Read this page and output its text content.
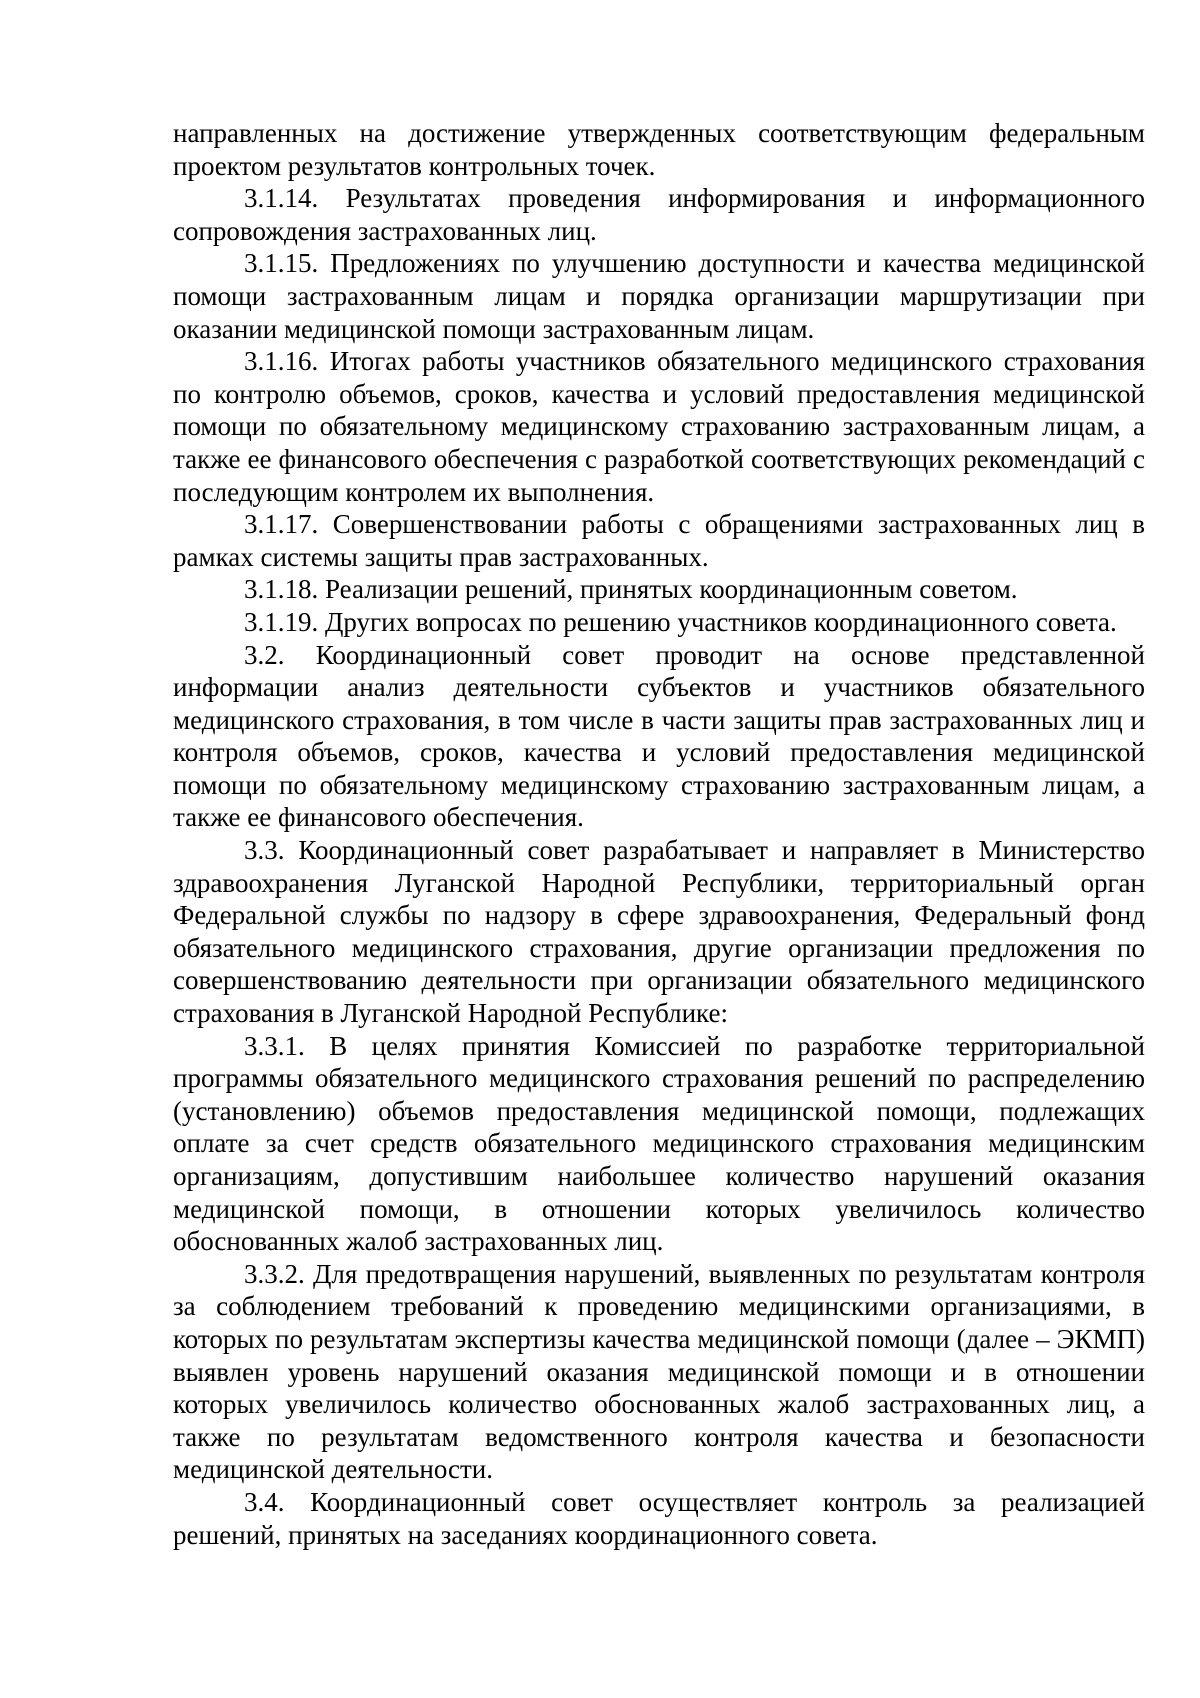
направленных на достижение утвержденных соответствующим федеральным проектом результатов контрольных точек.

3.1.14. Результатах проведения информирования и информационного сопровождения застрахованных лиц.

3.1.15. Предложениях по улучшению доступности и качества медицинской помощи застрахованным лицам и порядка организации маршрутизации при оказании медицинской помощи застрахованным лицам.

3.1.16. Итогах работы участников обязательного медицинского страхования по контролю объемов, сроков, качества и условий предоставления медицинской помощи по обязательному медицинскому страхованию застрахованным лицам, а также ее финансового обеспечения с разработкой соответствующих рекомендаций с последующим контролем их выполнения.

3.1.17. Совершенствовании работы с обращениями застрахованных лиц в рамках системы защиты прав застрахованных.

3.1.18. Реализации решений, принятых координационным советом.

3.1.19. Других вопросах по решению участников координационного совета.

3.2. Координационный совет проводит на основе представленной информации анализ деятельности субъектов и участников обязательного медицинского страхования, в том числе в части защиты прав застрахованных лиц и контроля объемов, сроков, качества и условий предоставления медицинской помощи по обязательному медицинскому страхованию застрахованным лицам, а также ее финансового обеспечения.

3.3. Координационный совет разрабатывает и направляет в Министерство здравоохранения Луганской Народной Республики, территориальный орган Федеральной службы по надзору в сфере здравоохранения, Федеральный фонд обязательного медицинского страхования, другие организации предложения по совершенствованию деятельности при организации обязательного медицинского страхования в Луганской Народной Республике:

3.3.1. В целях принятия Комиссией по разработке территориальной программы обязательного медицинского страхования решений по распределению (установлению) объемов предоставления медицинской помощи, подлежащих оплате за счет средств обязательного медицинского страхования медицинским организациям, допустившим наибольшее количество нарушений оказания медицинской помощи, в отношении которых увеличилось количество обоснованных жалоб застрахованных лиц.

3.3.2. Для предотвращения нарушений, выявленных по результатам контроля за соблюдением требований к проведению медицинскими организациями, в которых по результатам экспертизы качества медицинской помощи (далее – ЭКМП) выявлен уровень нарушений оказания медицинской помощи и в отношении которых увеличилось количество обоснованных жалоб застрахованных лиц, а также по результатам ведомственного контроля качества и безопасности медицинской деятельности.

3.4. Координационный совет осуществляет контроль за реализацией решений, принятых на заседаниях координационного совета.
